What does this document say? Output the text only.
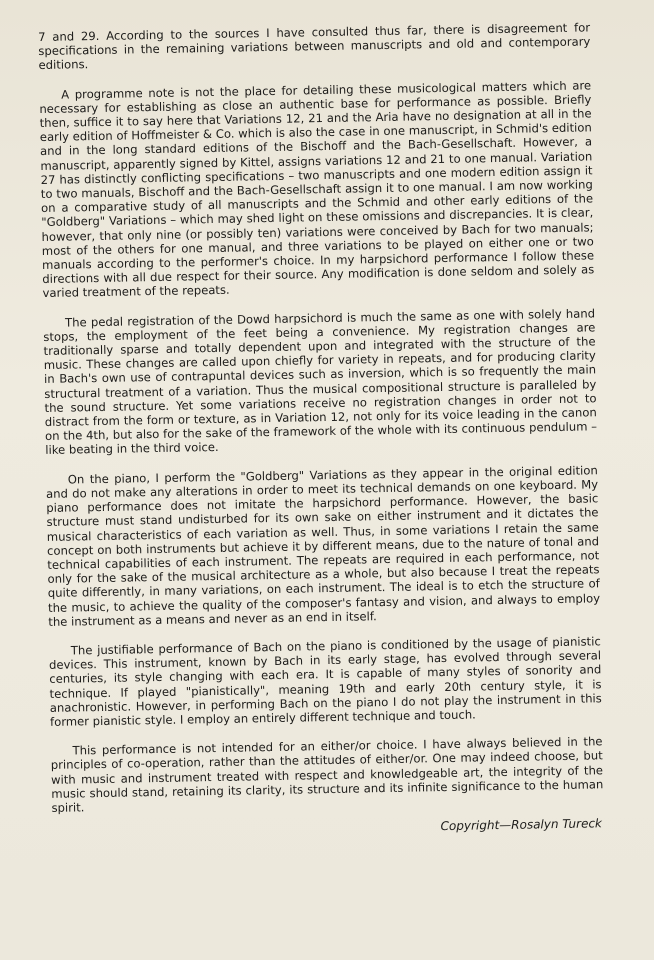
7 and 29. According to the sources I have consulted thus far, there is disagreement for specifications in the remaining variations between manuscripts and old and contemporary editions.

A programme note is not the place for detailing these musicological matters which are necessary for establishing as close an authentic base for performance as possible. Briefly then, suffice it to say here that Variations 12, 21 and the Aria have no designation at all in the early edition of Hoffmeister & Co. which is also the case in one manuscript, in Schmid's edition and in the long standard editions of the Bischoff and the Bach-Gesellschaft. However, a manuscript, apparently signed by Kittel, assigns variations 12 and 21 to one manual. Variation 27 has distinctly conflicting specifications – two manuscripts and one modern edition assign it to two manuals, Bischoff and the Bach-Gesellschaft assign it to one manual. I am now working on a comparative study of all manuscripts and the Schmid and other early editions of the "Goldberg" Variations – which may shed light on these omissions and discrepancies. It is clear, however, that only nine (or possibly ten) variations were conceived by Bach for two manuals; most of the others for one manual, and three variations to be played on either one or two manuals according to the performer's choice. In my harpsichord performance I follow these directions with all due respect for their source. Any modification is done seldom and solely as varied treatment of the repeats.

The pedal registration of the Dowd harpsichord is much the same as one with solely hand stops, the employment of the feet being a convenience. My registration changes are traditionally sparse and totally dependent upon and integrated with the structure of the music. These changes are called upon chiefly for variety in repeats, and for producing clarity in Bach's own use of contrapuntal devices such as inversion, which is so frequently the main structural treatment of a variation. Thus the musical compositional structure is paralleled by the sound structure. Yet some variations receive no registration changes in order not to distract from the form or texture, as in Variation 12, not only for its voice leading in the canon on the 4th, but also for the sake of the framework of the whole with its continuous pendulum – like beating in the third voice.

On the piano, I perform the "Goldberg" Variations as they appear in the original edition and do not make any alterations in order to meet its technical demands on one keyboard. My piano performance does not imitate the harpsichord performance. However, the basic structure must stand undisturbed for its own sake on either instrument and it dictates the musical characteristics of each variation as well. Thus, in some variations I retain the same concept on both instruments but achieve it by different means, due to the nature of tonal and technical capabilities of each instrument. The repeats are required in each performance, not only for the sake of the musical architecture as a whole, but also because I treat the repeats quite differently, in many variations, on each instrument. The ideal is to etch the structure of the music, to achieve the quality of the composer's fantasy and vision, and always to employ the instrument as a means and never as an end in itself.

The justifiable performance of Bach on the piano is conditioned by the usage of pianistic devices. This instrument, known by Bach in its early stage, has evolved through several centuries, its style changing with each era. It is capable of many styles of sonority and technique. If played "pianistically", meaning 19th and early 20th century style, it is anachronistic. However, in performing Bach on the piano I do not play the instrument in this former pianistic style. I employ an entirely different technique and touch.

This performance is not intended for an either/or choice. I have always believed in the principles of co-operation, rather than the attitudes of either/or. One may indeed choose, but with music and instrument treated with respect and knowledgeable art, the integrity of the music should stand, retaining its clarity, its structure and its infinite significance to the human spirit.

Copyright—Rosalyn Tureck
